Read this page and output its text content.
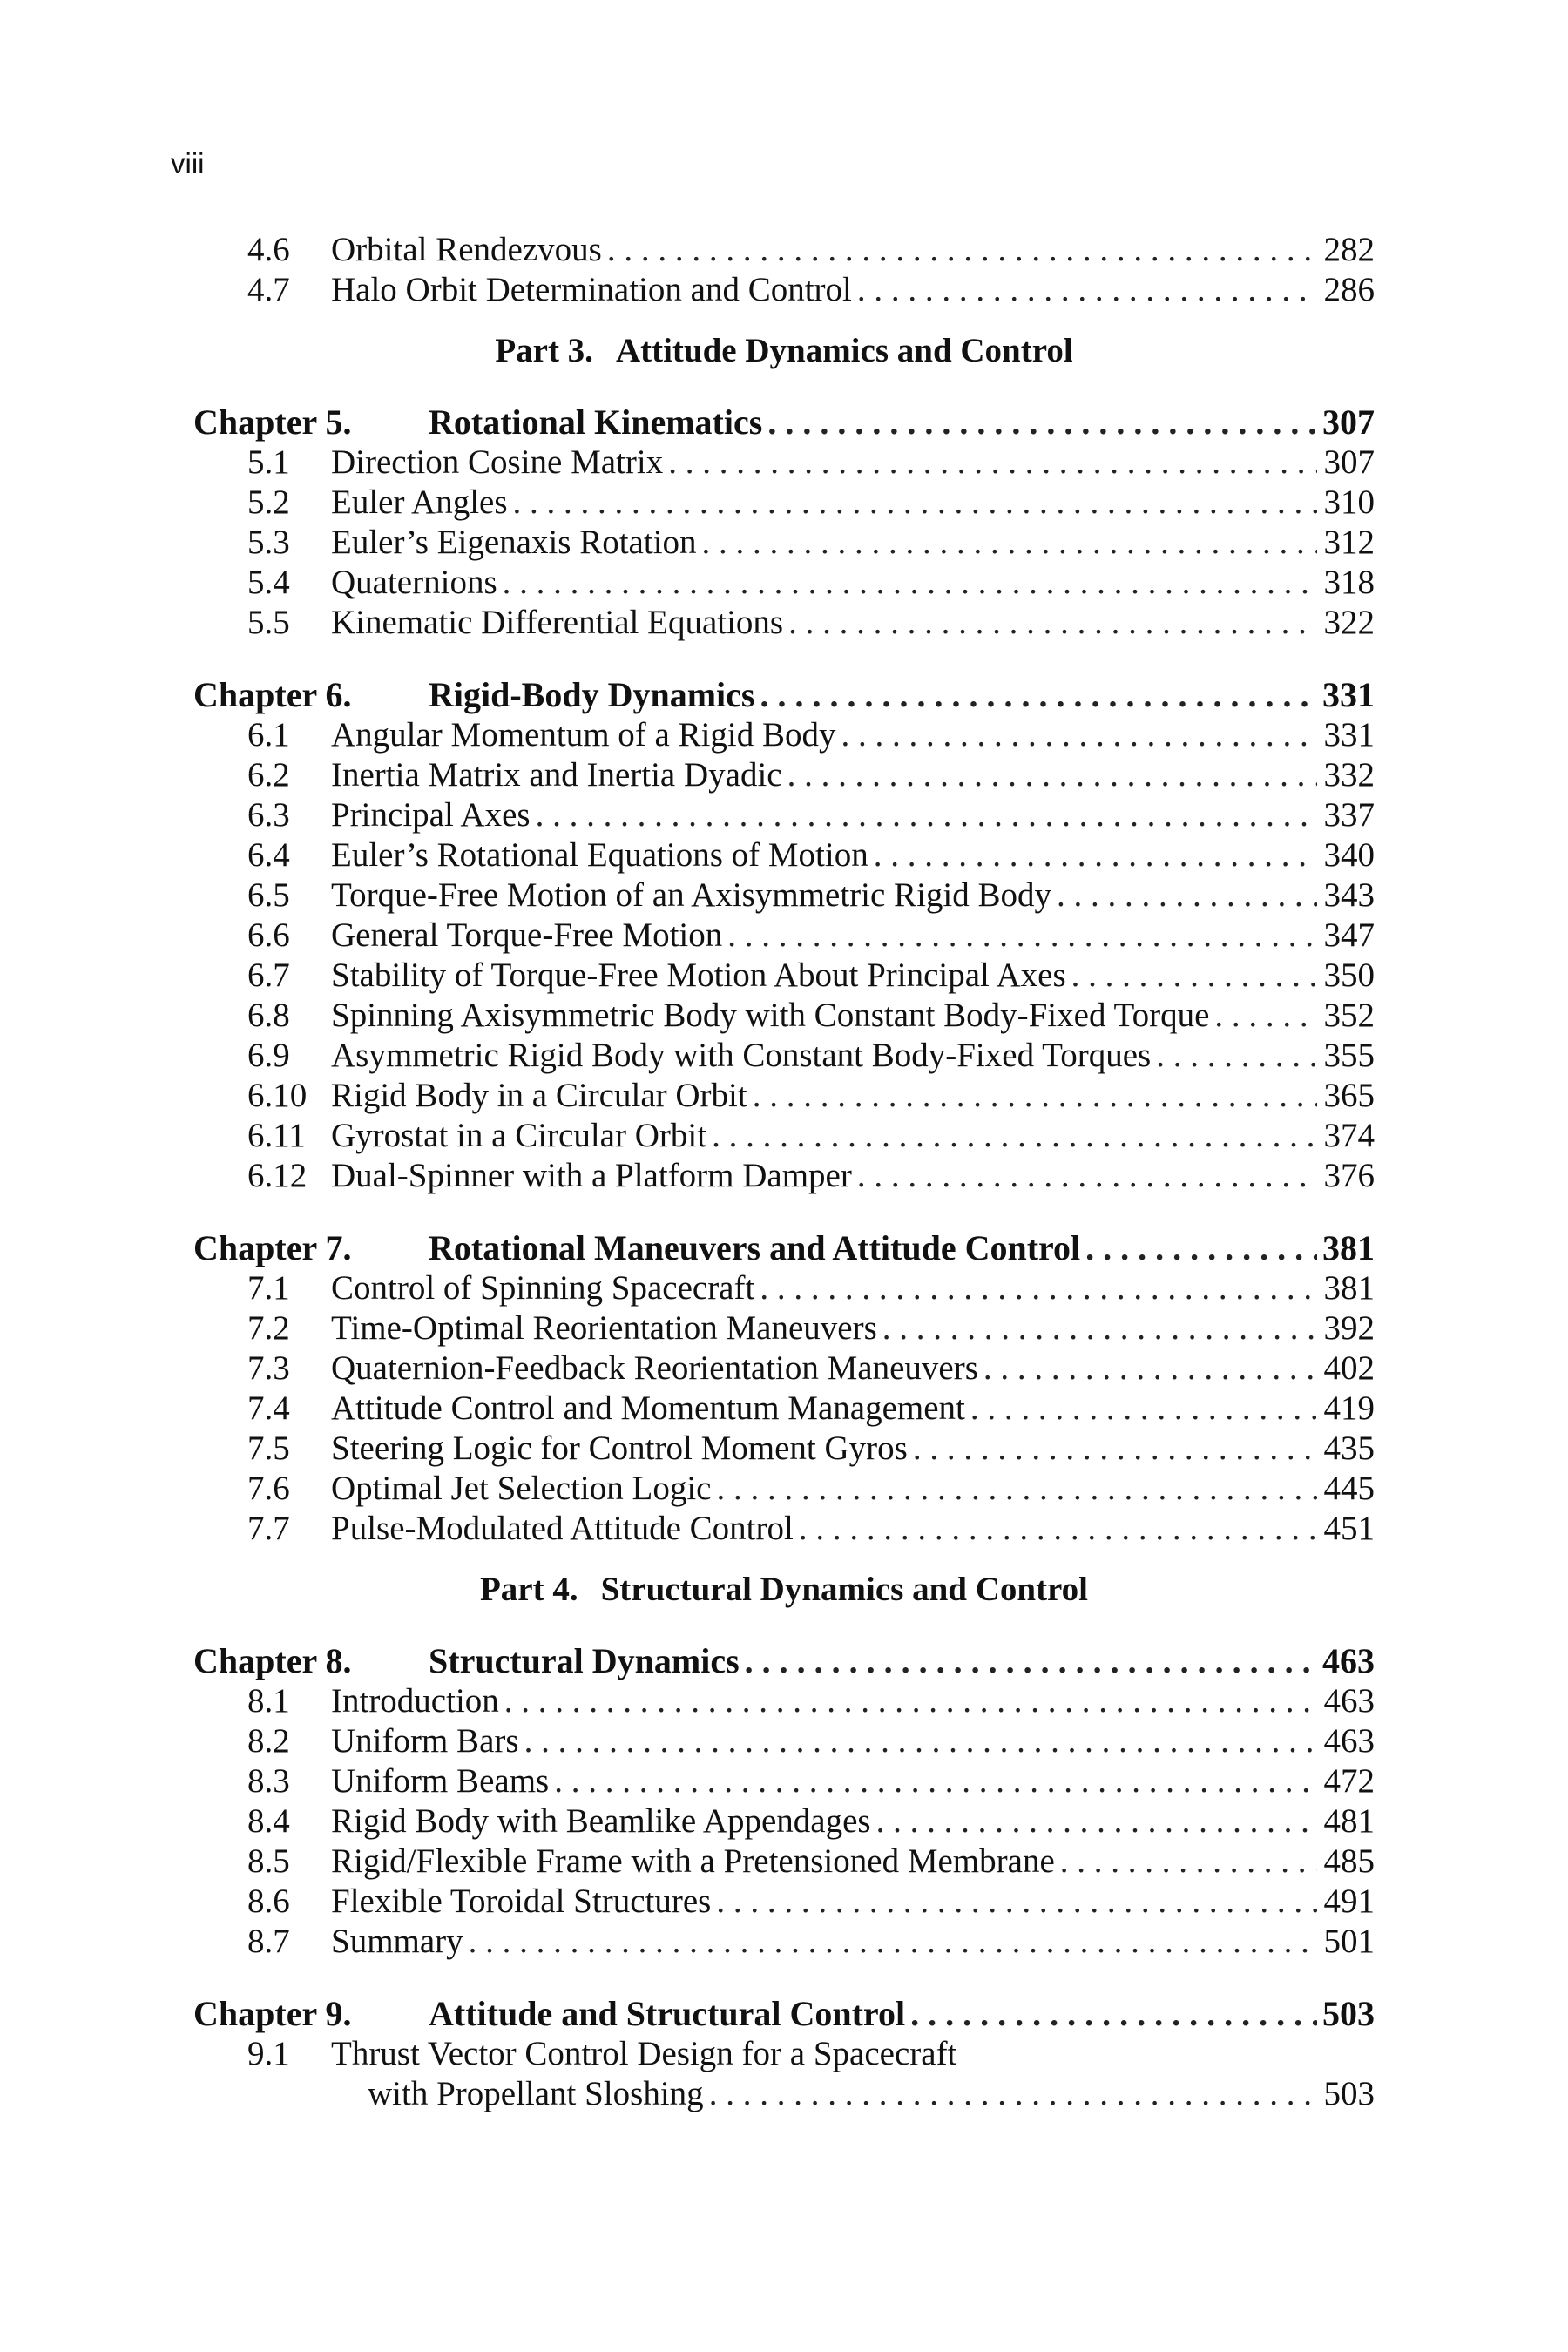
viii
4.6	Orbital Rendezvous . . .	282
4.7	Halo Orbit Determination and Control . . .	286
Part 3. Attitude Dynamics and Control
Chapter 5.	Rotational Kinematics . . .	307
5.1	Direction Cosine Matrix . . .	307
5.2	Euler Angles . . .	310
5.3	Euler’s Eigenaxis Rotation . . .	312
5.4	Quaternions . . .	318
5.5	Kinematic Differential Equations . . .	322
Chapter 6.	Rigid-Body Dynamics . . .	331
6.1	Angular Momentum of a Rigid Body . . .	331
6.2	Inertia Matrix and Inertia Dyadic . . .	332
6.3	Principal Axes . . .	337
6.4	Euler’s Rotational Equations of Motion . . .	340
6.5	Torque-Free Motion of an Axisymmetric Rigid Body . . .	343
6.6	General Torque-Free Motion . . .	347
6.7	Stability of Torque-Free Motion About Principal Axes . . .	350
6.8	Spinning Axisymmetric Body with Constant Body-Fixed Torque . . .	352
6.9	Asymmetric Rigid Body with Constant Body-Fixed Torques . . .	355
6.10 Rigid Body in a Circular Orbit . . .	365
6.11 Gyrostat in a Circular Orbit . . .	374
6.12 Dual-Spinner with a Platform Damper . . .	376
Chapter 7.	Rotational Maneuvers and Attitude Control . . .	381
7.1	Control of Spinning Spacecraft . . .	381
7.2	Time-Optimal Reorientation Maneuvers . . .	392
7.3	Quaternion-Feedback Reorientation Maneuvers . . .	402
7.4	Attitude Control and Momentum Management . . .	419
7.5	Steering Logic for Control Moment Gyros . . .	435
7.6	Optimal Jet Selection Logic . . .	445
7.7	Pulse-Modulated Attitude Control . . .	451
Part 4. Structural Dynamics and Control
Chapter 8.	Structural Dynamics . . .	463
8.1	Introduction . . .	463
8.2	Uniform Bars . . .	463
8.3	Uniform Beams . . .	472
8.4	Rigid Body with Beamlike Appendages . . .	481
8.5	Rigid/Flexible Frame with a Pretensioned Membrane . . .	485
8.6	Flexible Toroidal Structures . . .	491
8.7	Summary . . .	501
Chapter 9.	Attitude and Structural Control . . .	503
9.1	Thrust Vector Control Design for a Spacecraft
with Propellant Sloshing . . .	503
